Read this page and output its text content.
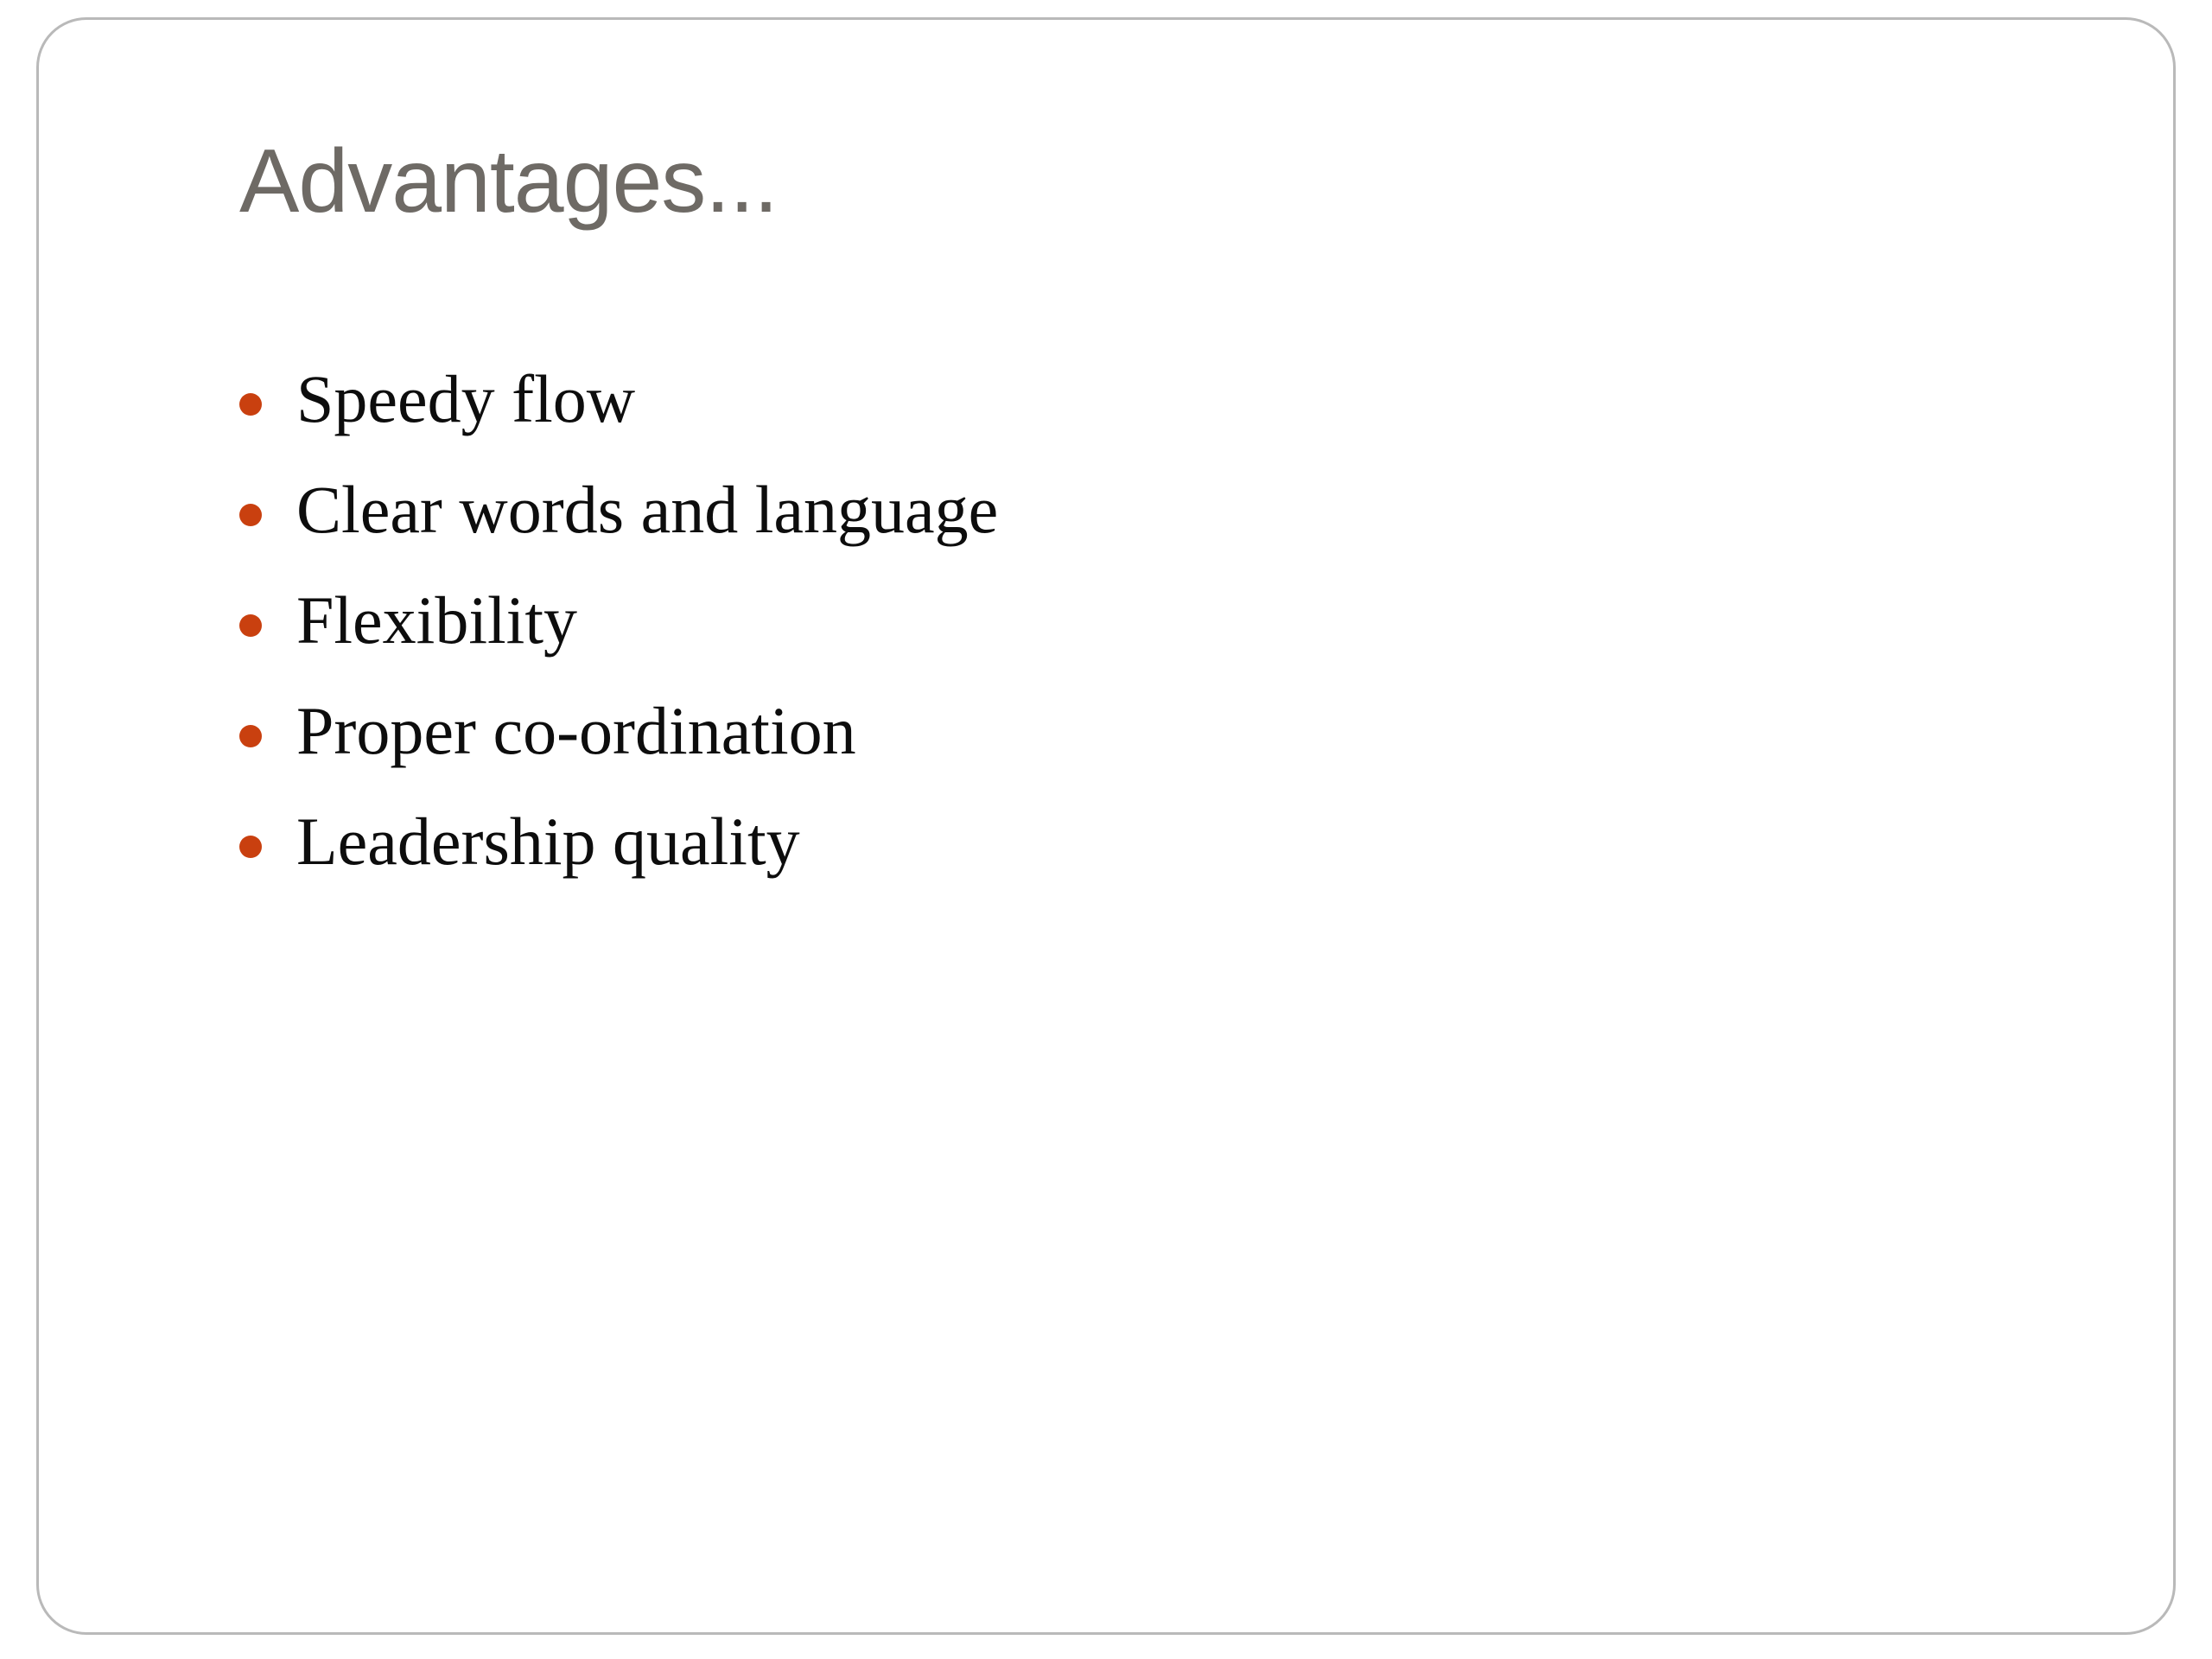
Advantages...
Speedy flow
Clear words and language
Flexibility
Proper co-ordination
Leadership quality
